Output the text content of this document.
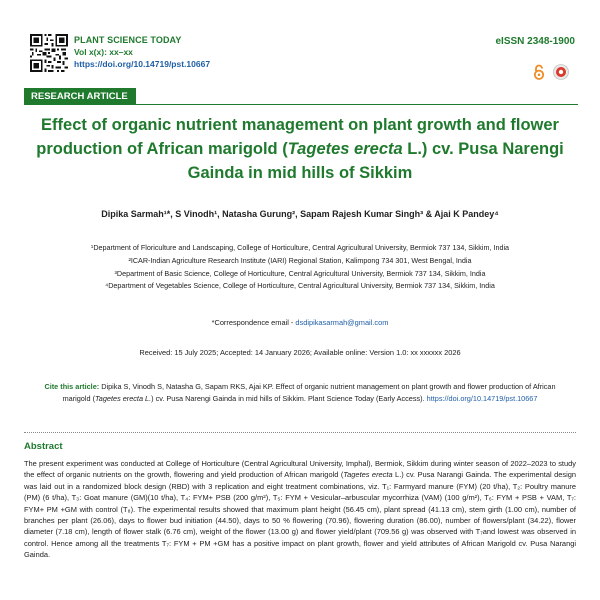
PLANT SCIENCE TODAY
Vol x(x): xx–xx
https://doi.org/10.14719/pst.10667
eISSN 2348-1900
RESEARCH ARTICLE
Effect of organic nutrient management on plant growth and flower production of African marigold (Tagetes erecta L.) cv. Pusa Narengi Gainda in mid hills of Sikkim
Dipika Sarmah¹*, S Vinodh¹, Natasha Gurung², Sapam Rajesh Kumar Singh³ & Ajai K Pandey⁴
¹Department of Floriculture and Landscaping, College of Horticulture, Central Agricultural University, Bermiok 737 134, Sikkim, India
²ICAR-Indian Agriculture Research Institute (IARI) Regional Station, Kalimpong 734 301, West Bengal, India
³Department of Basic Science, College of Horticulture, Central Agricultural University, Bermiok 737 134, Sikkim, India
⁴Department of Vegetables Science, College of Horticulture, Central Agricultural University, Bermiok 737 134, Sikkim, India
*Correspondence email - dsdipikasarmah@gmail.com
Received: 15 July 2025; Accepted: 14 January 2026; Available online: Version 1.0: xx xxxxxx 2026
Cite this article: Dipika S, Vinodh S, Natasha G, Sapam RKS, Ajai KP. Effect of organic nutrient management on plant growth and flower production of African marigold (Tagetes erecta L.) cv. Pusa Narengi Gainda in mid hills of Sikkim. Plant Science Today (Early Access). https://doi.org/10.14719/pst.10667
Abstract

The present experiment was conducted at College of Horticulture (Central Agricultural University, Imphal), Bermiok, Sikkim during winter season of 2022–2023 to study the effect of organic nutrients on the growth, flowering and yield production of African marigold (Tagetes erecta L.) cv. Pusa Narangi Gainda. The experimental design was laid out in a randomized block design (RBD) with 3 replication and eight treatment combinations, viz. T₁: Farmyard manure (FYM) (20 t/ha), T₂: Poultry manure (PM) (6 t/ha), T₃: Goat manure (GM)(10 t/ha), T₄: FYM+ PSB (200 g/m²), T₅: FYM + Vesicular–arbuscular mycorrhiza (VAM) (100 g/m²), T₆: FYM + PSB + VAM, T₇: FYM+ PM +GM with control (T₈). The experimental results showed that maximum plant height (56.45 cm), plant spread (41.13 cm), stem girth (1.00 cm), number of branches per plant (26.06), days to flower bud initiation (44.50), days to 50 % flowering (70.96), flowering duration (86.00), number of flowers/plant (34.22), flower diameter (7.18 cm), length of flower stalk (6.76 cm), weight of the flower (13.00 g) and flower yield/plant (709.56 g) was observed with T₇and lowest was observed in control. Hence among all the treatments T₇: FYM + PM +GM has a positive impact on plant growth, flower and yield attributes of African Marigold cv. Pusa Narangi Gainda.
